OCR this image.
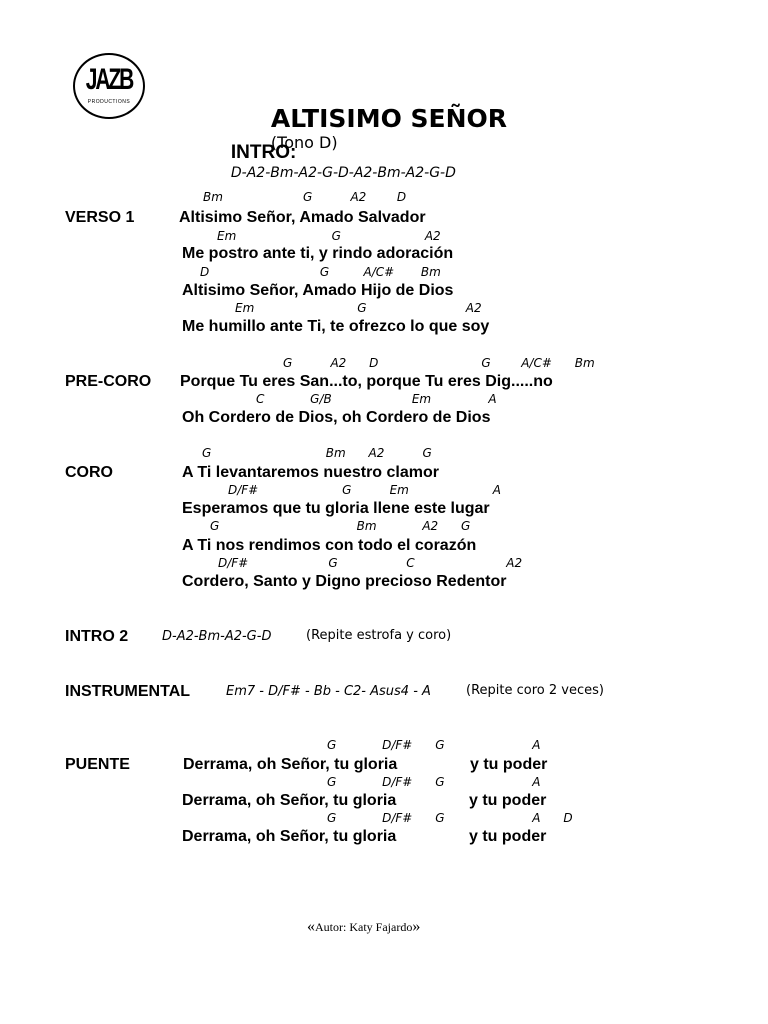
JAZB
PRODUCTIONS

ALTISIMO SEÑOR
(Tono D)

INTRO:
D-A2-Bm-A2-G-D-A2-Bm-A2-G-D

VERSO 1
Bm                     G          A2        D
Altisimo Señor, Amado Salvador
Em                         G                      A2
Me postro ante ti, y rindo adoración
D                             G         A/C#       Bm
Altisimo Señor, Amado Hijo de Dios
Em                           G                          A2
Me humillo ante Ti, te ofrezco lo que soy
PRE-CORO
G          A2      D                           G        A/C#      Bm
Porque Tu eres San...to, porque Tu eres Dig.....no
C            G/B                     Em               A
Oh Cordero de Dios, oh Cordero de Dios
CORO
G                              Bm      A2          G
A Ti levantaremos nuestro clamor
D/F#                      G          Em                      A
Esperamos que tu gloria llene este lugar
G                                    Bm            A2      G
A Ti nos rendimos con todo el corazón
D/F#                     G                  C                        A2
Cordero, Santo y Digno precioso Redentor
INTRO 2	D-A2-Bm-A2-G-D	(Repite estrofa y coro)
INSTRUMENTAL	Em7 - D/F# - Bb - C2- Asus4 - A	(Repite coro 2 veces)
PUENTE
G            D/F#      G                       A
Derrama, oh Señor, tu gloria	y tu poder
G            D/F#      G                       A
Derrama, oh Señor, tu gloria	y tu poder
G            D/F#      G                       A      D
Derrama, oh Señor, tu gloria	y tu poder

«Autor: Katy Fajardo»
